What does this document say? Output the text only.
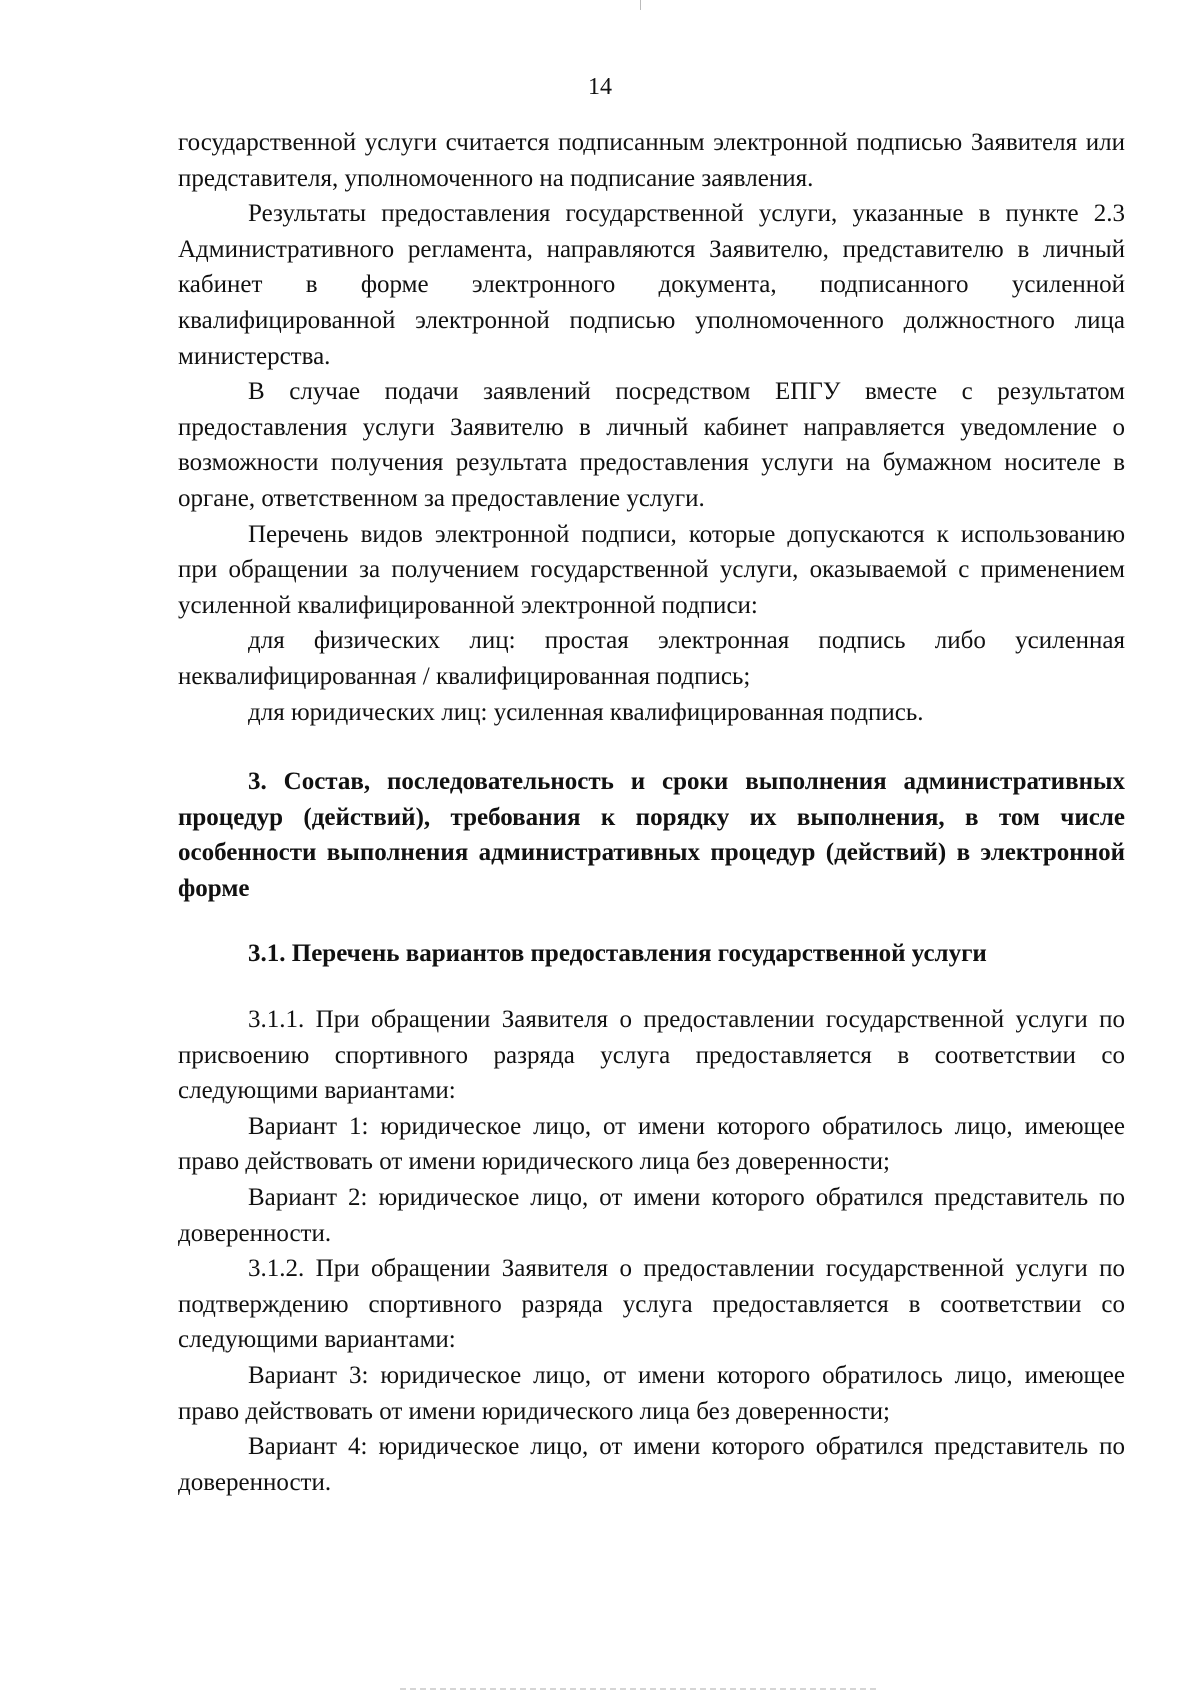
14

государственной услуги считается подписанным электронной подписью Заявителя или представителя, уполномоченного на подписание заявления.

Результаты предоставления государственной услуги, указанные в пункте 2.3 Административного регламента, направляются Заявителю, представителю в личный кабинет в форме электронного документа, подписанного усиленной квалифицированной электронной подписью уполномоченного должностного лица министерства.

В случае подачи заявлений посредством ЕПГУ вместе с результатом предоставления услуги Заявителю в личный кабинет направляется уведомление о возможности получения результата предоставления услуги на бумажном носителе в органе, ответственном за предоставление услуги.

Перечень видов электронной подписи, которые допускаются к использованию при обращении за получением государственной услуги, оказываемой с применением усиленной квалифицированной электронной подписи:

для физических лиц: простая электронная подпись либо усиленная неквалифицированная / квалифицированная подпись;

для юридических лиц: усиленная квалифицированная подпись.

3. Состав, последовательность и сроки выполнения административных процедур (действий), требования к порядку их выполнения, в том числе особенности выполнения административных процедур (действий) в электронной форме

3.1. Перечень вариантов предоставления государственной услуги

3.1.1. При обращении Заявителя о предоставлении государственной услуги по присвоению спортивного разряда услуга предоставляется в соответствии со следующими вариантами:

Вариант 1: юридическое лицо, от имени которого обратилось лицо, имеющее право действовать от имени юридического лица без доверенности;

Вариант 2: юридическое лицо, от имени которого обратился представитель по доверенности.

3.1.2. При обращении Заявителя о предоставлении государственной услуги по подтверждению спортивного разряда услуга предоставляется в соответствии со следующими вариантами:

Вариант 3: юридическое лицо, от имени которого обратилось лицо, имеющее право действовать от имени юридического лица без доверенности;

Вариант 4: юридическое лицо, от имени которого обратился представитель по доверенности.
